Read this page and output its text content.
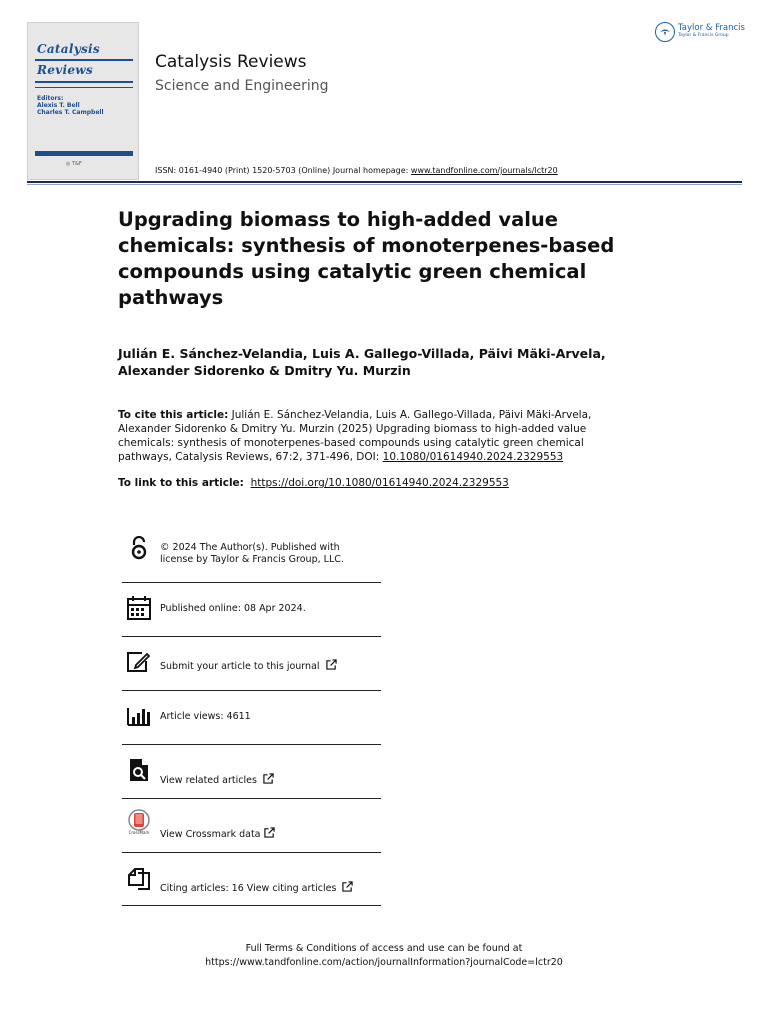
Catalysis
Reviews
Editors:
Alexis T. Bell
Charles T. Campbell
◎ T&F
Catalysis Reviews
Science and Engineering
Taylor & Francis
Taylor & Francis Group
ISSN: 0161-4940 (Print) 1520-5703 (Online) Journal homepage: www.tandfonline.com/journals/lctr20
Upgrading biomass to high-added value chemicals: synthesis of monoterpenes-based compounds using catalytic green chemical pathways
Julián E. Sánchez-Velandia, Luis A. Gallego-Villada, Päivi Mäki-Arvela, Alexander Sidorenko & Dmitry Yu. Murzin
To cite this article: Julián E. Sánchez-Velandia, Luis A. Gallego-Villada, Päivi Mäki-Arvela, Alexander Sidorenko & Dmitry Yu. Murzin (2025) Upgrading biomass to high-added value chemicals: synthesis of monoterpenes-based compounds using catalytic green chemical pathways, Catalysis Reviews, 67:2, 371-496, DOI: 10.1080/01614940.2024.2329553
To link to this article: https://doi.org/10.1080/01614940.2024.2329553
© 2024 The Author(s). Published with
license by Taylor & Francis Group, LLC.
Published online: 08 Apr 2024.
Submit your article to this journal
Article views: 4611
View related articles
CrossMark View Crossmark data
Citing articles: 16 View citing articles
Full Terms & Conditions of access and use can be found at
https://www.tandfonline.com/action/journalInformation?journalCode=lctr20
